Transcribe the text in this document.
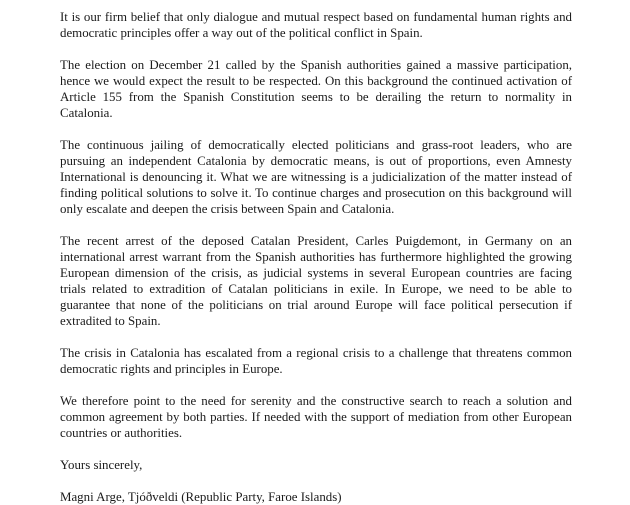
It is our firm belief that only dialogue and mutual respect based on fundamental human rights and democratic principles offer a way out of the political conflict in Spain.

The election on December 21 called by the Spanish authorities gained a massive participation, hence we would expect the result to be respected. On this background the continued activation of Article 155 from the Spanish Constitution seems to be derailing the return to normality in Catalonia.

The continuous jailing of democratically elected politicians and grass-root leaders, who are pursuing an independent Catalonia by democratic means, is out of proportions, even Amnesty International is denouncing it. What we are witnessing is a judicialization of the matter instead of finding political solutions to solve it. To continue charges and prosecution on this background will only escalate and deepen the crisis between Spain and Catalonia.

The recent arrest of the deposed Catalan President, Carles Puigdemont, in Germany on an international arrest warrant from the Spanish authorities has furthermore highlighted the growing European dimension of the crisis, as judicial systems in several European countries are facing trials related to extradition of Catalan politicians in exile. In Europe, we need to be able to guarantee that none of the politicians on trial around Europe will face political persecution if extradited to Spain.

The crisis in Catalonia has escalated from a regional crisis to a challenge that threatens common democratic rights and principles in Europe.

We therefore point to the need for serenity and the constructive search to reach a solution and common agreement by both parties. If needed with the support of mediation from other European countries or authorities.

Yours sincerely,

Magni Arge, Tjóðveldi (Republic Party, Faroe Islands)
